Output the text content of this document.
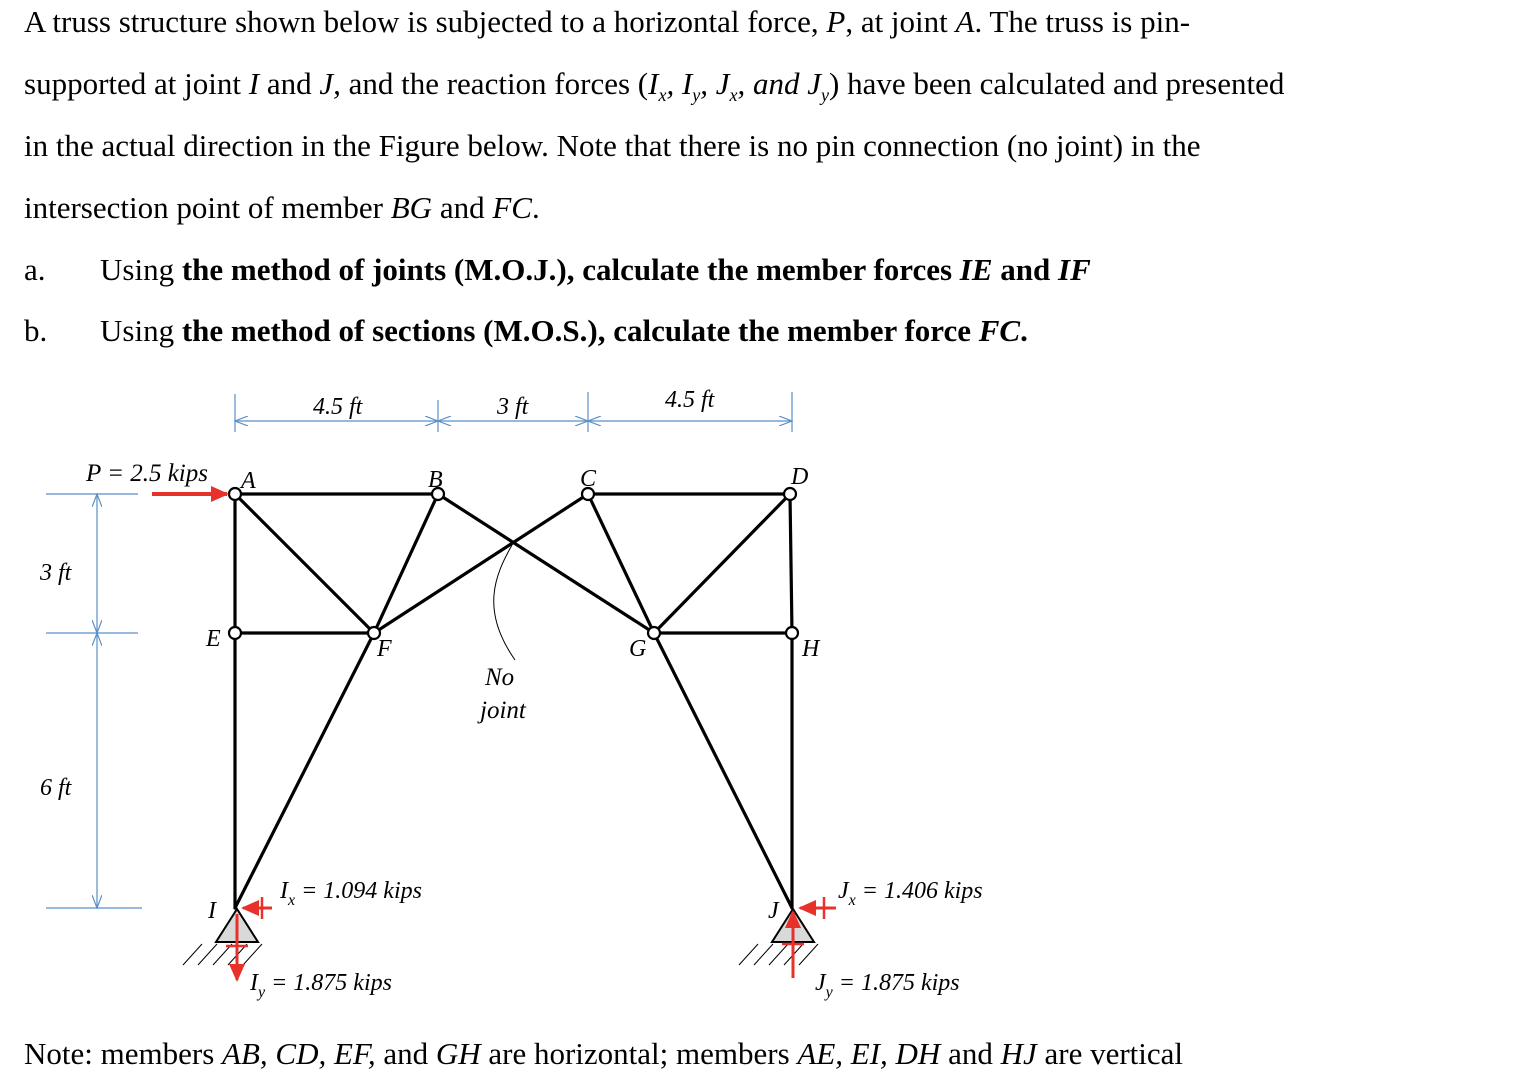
A truss structure shown below is subjected to a horizontal force, P, at joint A. The truss is pin-
supported at joint I and J, and the reaction forces ($I_x$, $I_y$, $J_x$, and $J_y$) have been calculated and presented
in the actual direction in the Figure below. Note that there is no pin connection (no joint) in the
intersection point of member BG and FC.
a. Using the method of joints (M.O.J.), calculate the member forces IE and IF
b. Using the method of sections (M.O.S.), calculate the member force FC.
4.5 ft	3 ft	4.5 ft
3 ft
6 ft
A	B	C	D
E	F	G	H
I	J
P = 2.5 kips
No
joint
$I_x = 1.094$ kips
$I_y = 1.875$ kips
$J_x = 1.406$ kips
$J_y = 1.875$ kips
Note: members AB, CD, EF, and GH are horizontal; members AE, EI, DH and HJ are vertical
